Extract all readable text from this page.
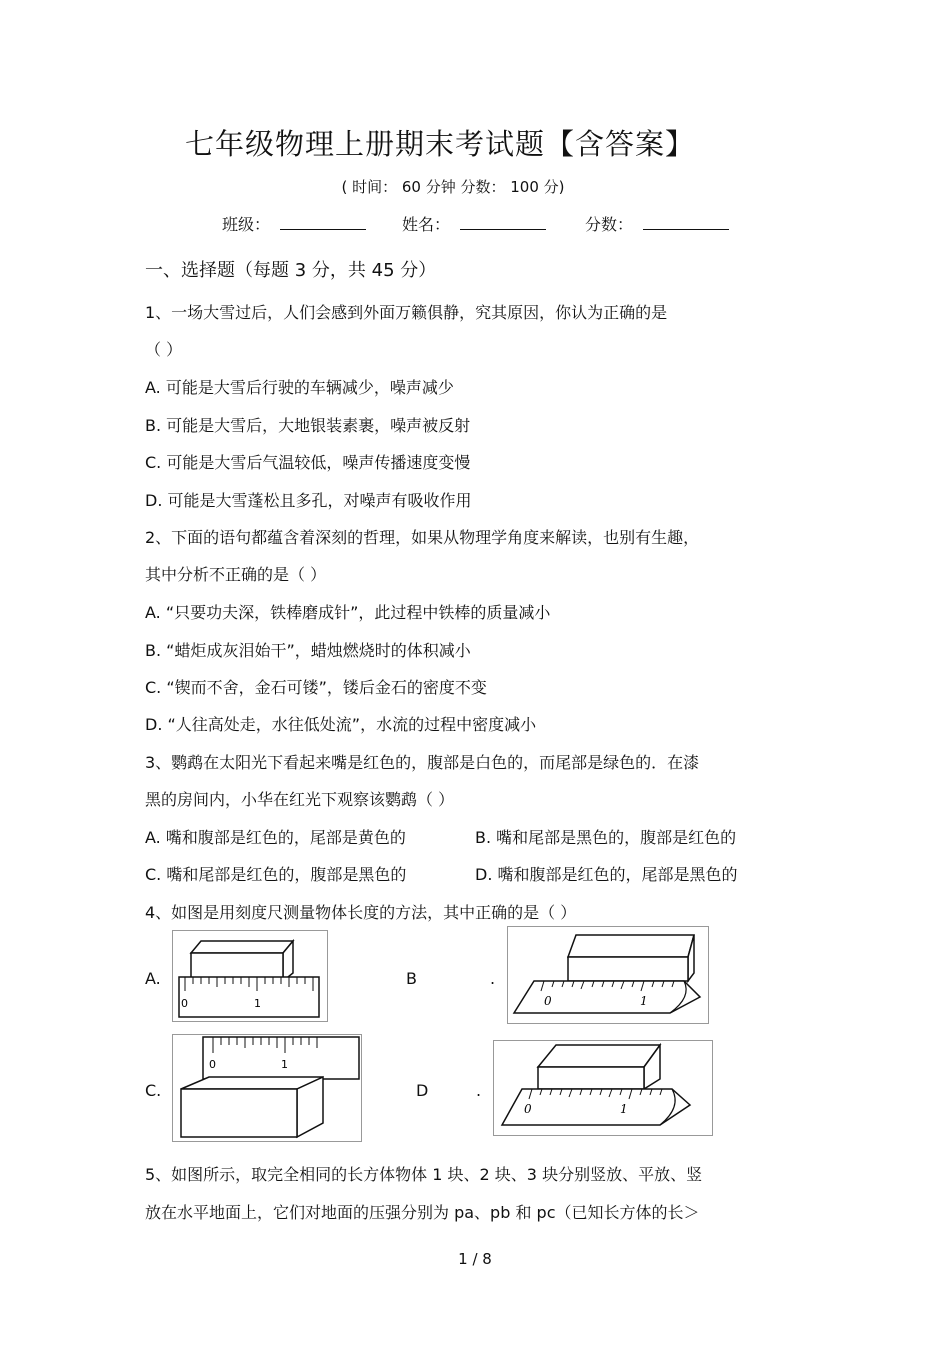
七年级物理上册期末考试题【含答案】
( 时间： 60 分钟 分数： 100 分)
班级：	姓名：	分数：
一、选择题（每题 3 分，共 45 分）
1、一场大雪过后，人们会感到外面万籁俱静，究其原因，你认为正确的是
（ ）
A. 可能是大雪后行驶的车辆减少，噪声减少
B. 可能是大雪后，大地银装素裹，噪声被反射
C. 可能是大雪后气温较低，噪声传播速度变慢
D. 可能是大雪蓬松且多孔，对噪声有吸收作用
2、下面的语句都蕴含着深刻的哲理，如果从物理学角度来解读，也别有生趣，
其中分析不正确的是（ ）
A. “只要功夫深，铁棒磨成针”，此过程中铁棒的质量减小
B. “蜡炬成灰泪始干”，蜡烛燃烧时的体积减小
C. “锲而不舍，金石可镂”，镂后金石的密度不变
D. “人往高处走，水往低处流”，水流的过程中密度减小
3、鹦鹉在太阳光下看起来嘴是红色的，腹部是白色的，而尾部是绿色的．在漆
黑的房间内，小华在红光下观察该鹦鹉（ ）
A. 嘴和腹部是红色的，尾部是黄色的	B. 嘴和尾部是黑色的，腹部是红色的
C. 嘴和尾部是红色的，腹部是黑色的	D. 嘴和腹部是红色的，尾部是黑色的
4、如图是用刻度尺测量物体长度的方法，其中正确的是（ ）
A.
0	1
B	.
0	1
C.
0	1
D	.
0	1
5、如图所示，取完全相同的长方体物体 1 块、2 块、3 块分别竖放、平放、竖
放在水平地面上，它们对地面的压强分别为 pa、pb 和 pc（已知长方体的长＞
1 / 8
